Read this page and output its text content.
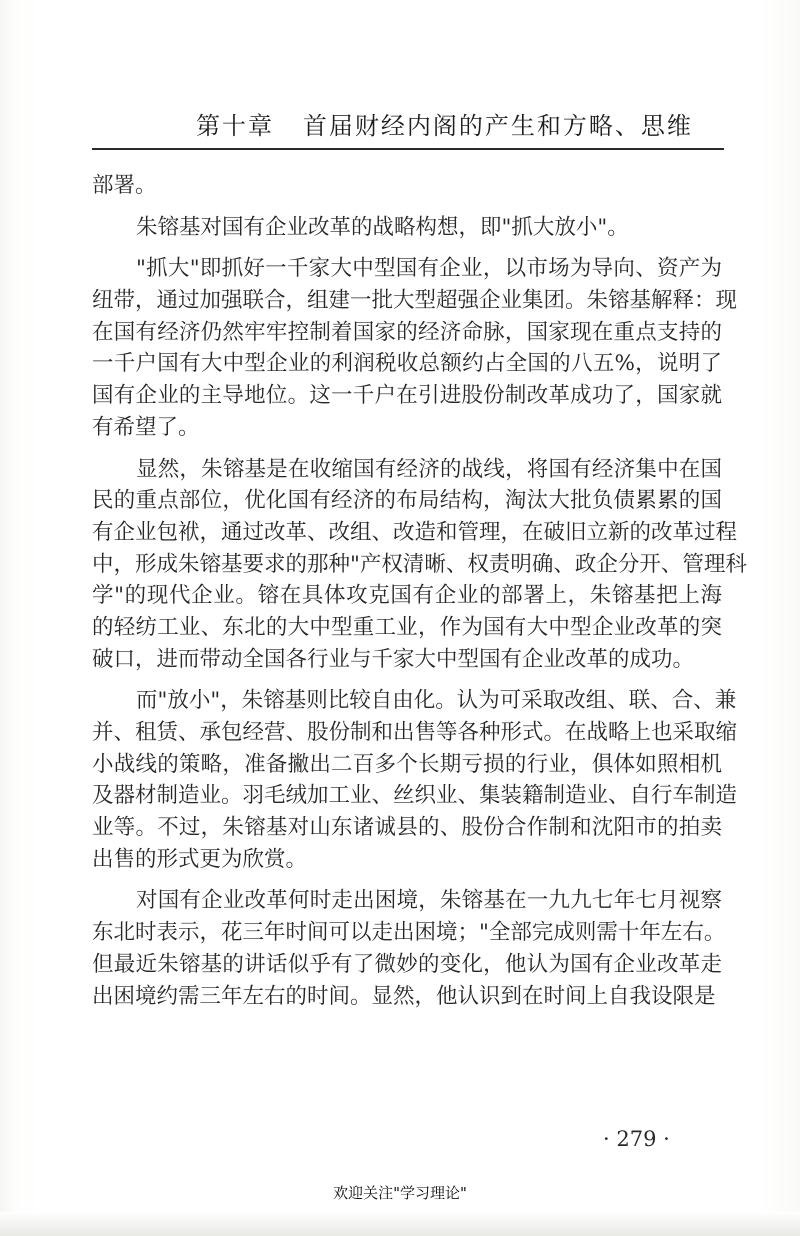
第十章   首届财经内阁的产生和方略、思维
部署。
朱镕基对国有企业改革的战略构想，即"抓大放小"。
"抓大"即抓好一千家大中型国有企业，以市场为导向、资产为
纽带，通过加强联合，组建一批大型超强企业集团。朱镕基解释：现
在国有经济仍然牢牢控制着国家的经济命脉，国家现在重点支持的
一千户国有大中型企业的利润税收总额约占全国的八五%，说明了
国有企业的主导地位。这一千户在引进股份制改革成功了，国家就
有希望了。
显然，朱镕基是在收缩国有经济的战线，将国有经济集中在国
民的重点部位，优化国有经济的布局结构，淘汰大批负债累累的国
有企业包袱，通过改革、改组、改造和管理，在破旧立新的改革过程
中，形成朱镕基要求的那种"产权清晰、权责明确、政企分开、管理科
学"的现代企业。镕在具体攻克国有企业的部署上，朱镕基把上海
的轻纺工业、东北的大中型重工业，作为国有大中型企业改革的突
破口，进而带动全国各行业与千家大中型国有企业改革的成功。
而"放小"，朱镕基则比较自由化。认为可采取改组、联、合、兼
并、租赁、承包经营、股份制和出售等各种形式。在战略上也采取缩
小战线的策略，准备撇出二百多个长期亏损的行业，俱体如照相机
及器材制造业。羽毛绒加工业、丝织业、集装籍制造业、自行车制造
业等。不过，朱镕基对山东诸诚县的、股份合作制和沈阳市的拍卖
出售的形式更为欣赏。
对国有企业改革何时走出困境，朱镕基在一九九七年七月视察
东北时表示，花三年时间可以走出困境；"全部完成则需十年左右。
但最近朱镕基的讲话似乎有了微妙的变化，他认为国有企业改革走
出困境约需三年左右的时间。显然，他认识到在时间上自我设限是
· 279 ·
欢迎关注"学习理论"
